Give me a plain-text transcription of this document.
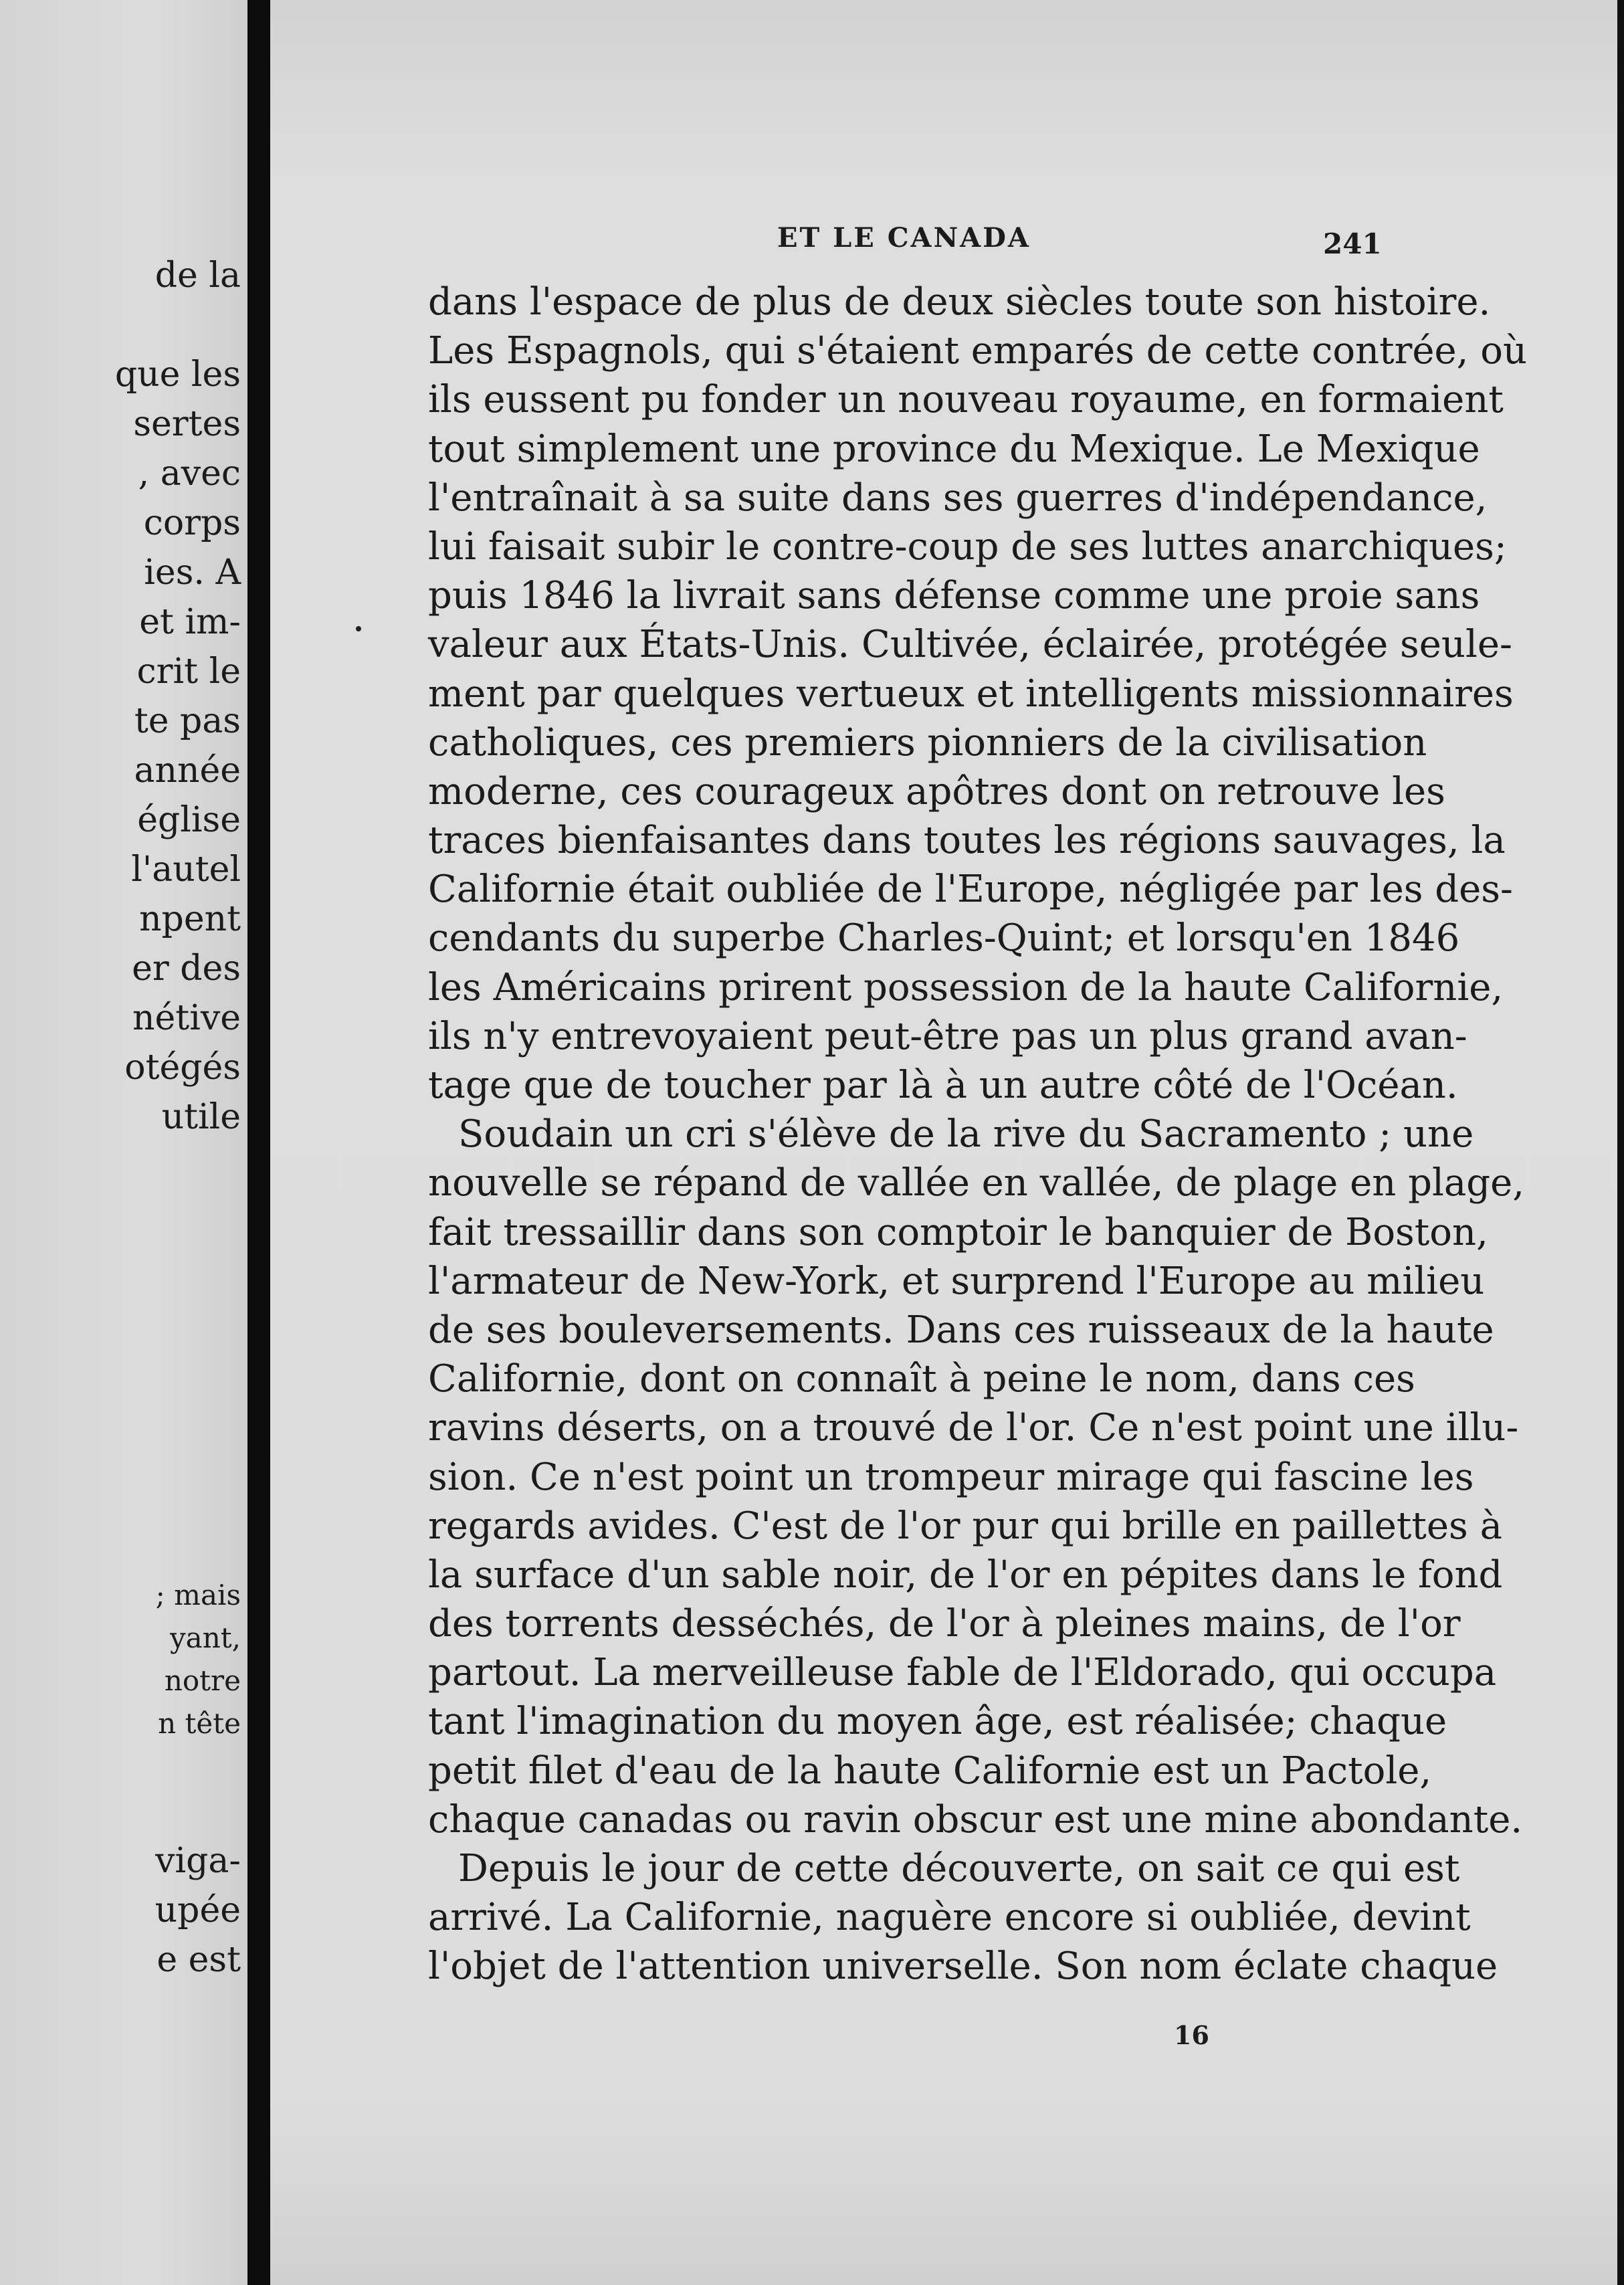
de la
que les
sertes
, avec
corps
ies. A
et im-
crit le
te pas
année
église
l'autel
npent
er des
nétive
otégés
utile
; mais
yant,
notre
n tête
viga-
upée
e est
ET LE CANADA	241
dans l'espace de plus de deux siècles toute son histoire.
Les Espagnols, qui s'étaient emparés de cette contrée, où
ils eussent pu fonder un nouveau royaume, en formaient
tout simplement une province du Mexique. Le Mexique
l'entraînait à sa suite dans ses guerres d'indépendance,
lui faisait subir le contre-coup de ses luttes anarchiques;
puis 1846 la livrait sans défense comme une proie sans
valeur aux États-Unis. Cultivée, éclairée, protégée seule-
ment par quelques vertueux et intelligents missionnaires
catholiques, ces premiers pionniers de la civilisation
moderne, ces courageux apôtres dont on retrouve les
traces bienfaisantes dans toutes les régions sauvages, la
Californie était oubliée de l'Europe, négligée par les des-
cendants du superbe Charles-Quint; et lorsqu'en 1846
les Américains prirent possession de la haute Californie,
ils n'y entrevoyaient peut-être pas un plus grand avan-
tage que de toucher par là à un autre côté de l'Océan.
Soudain un cri s'élève de la rive du Sacramento ; une
nouvelle se répand de vallée en vallée, de plage en plage,
fait tressaillir dans son comptoir le banquier de Boston,
l'armateur de New-York, et surprend l'Europe au milieu
de ses bouleversements. Dans ces ruisseaux de la haute
Californie, dont on connaît à peine le nom, dans ces
ravins déserts, on a trouvé de l'or. Ce n'est point une illu-
sion. Ce n'est point un trompeur mirage qui fascine les
regards avides. C'est de l'or pur qui brille en paillettes à
la surface d'un sable noir, de l'or en pépites dans le fond
des torrents desséchés, de l'or à pleines mains, de l'or
partout. La merveilleuse fable de l'Eldorado, qui occupa
tant l'imagination du moyen âge, est réalisée; chaque
petit filet d'eau de la haute Californie est un Pactole,
chaque canadas ou ravin obscur est une mine abondante.
Depuis le jour de cette découverte, on sait ce qui est
arrivé. La Californie, naguère encore si oubliée, devint
l'objet de l'attention universelle. Son nom éclate chaque
16
